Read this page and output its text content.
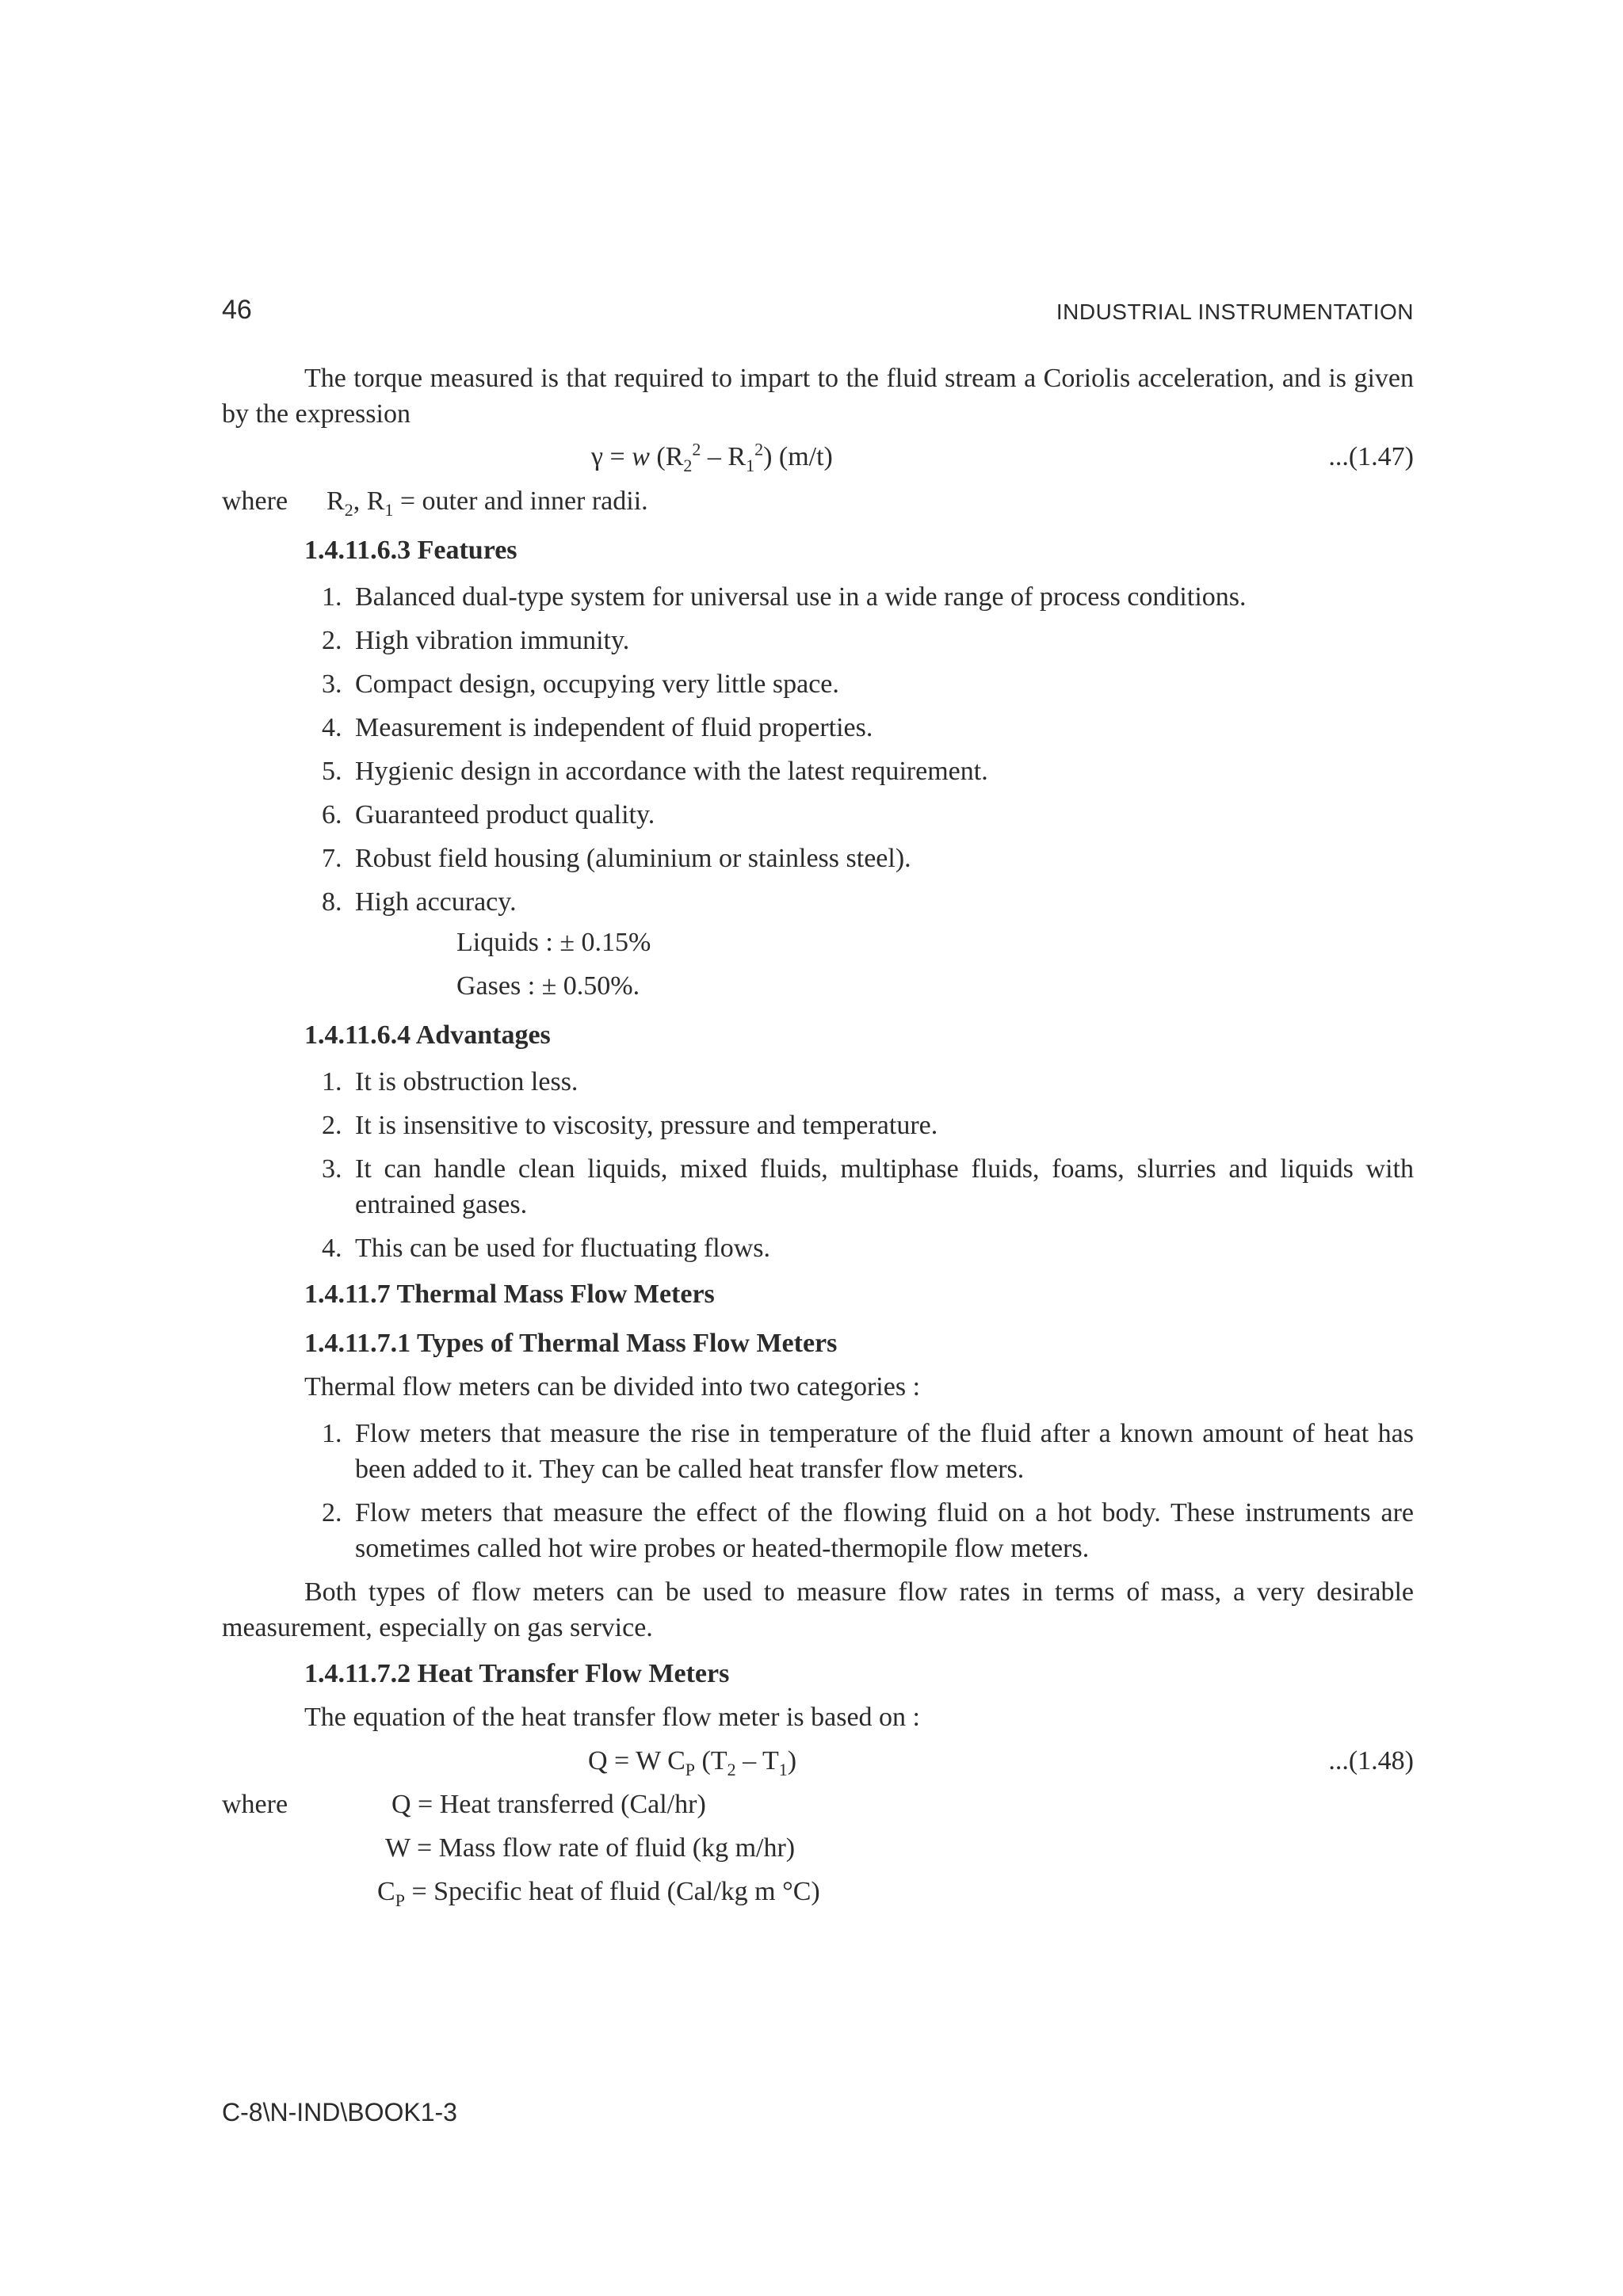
46	INDUSTRIAL INSTRUMENTATION
The torque measured is that required to impart to the fluid stream a Coriolis acceleration, and is given by the expression
γ = w $(R_2^2 - R_1^2)$ (m/t)	...(1.47)
where $R_2$, $R_1$ = outer and inner radii.
1.4.11.6.3 Features
1. Balanced dual-type system for universal use in a wide range of process conditions.
2. High vibration immunity.
3. Compact design, occupying very little space.
4. Measurement is independent of fluid properties.
5. Hygienic design in accordance with the latest requirement.
6. Guaranteed product quality.
7. Robust field housing (aluminium or stainless steel).
8. High accuracy.
Liquids : ± 0.15%
Gases : ± 0.50%.
1.4.11.6.4 Advantages
1. It is obstruction less.
2. It is insensitive to viscosity, pressure and temperature.
3. It can handle clean liquids, mixed fluids, multiphase fluids, foams, slurries and liquids with entrained gases.
4. This can be used for fluctuating flows.
1.4.11.7 Thermal Mass Flow Meters
1.4.11.7.1 Types of Thermal Mass Flow Meters
Thermal flow meters can be divided into two categories :
1. Flow meters that measure the rise in temperature of the fluid after a known amount of heat has been added to it. They can be called heat transfer flow meters.
2. Flow meters that measure the effect of the flowing fluid on a hot body. These instruments are sometimes called hot wire probes or heated-thermopile flow meters.
Both types of flow meters can be used to measure flow rates in terms of mass, a very desirable measurement, especially on gas service.
1.4.11.7.2 Heat Transfer Flow Meters
The equation of the heat transfer flow meter is based on :
Q = W $C_P$ $(T_2 - T_1)$	...(1.48)
where	Q = Heat transferred (Cal/hr)
W = Mass flow rate of fluid (kg m/hr)
$C_P$ = Specific heat of fluid (Cal/kg m °C)
C-8\N-IND\BOOK1-3
